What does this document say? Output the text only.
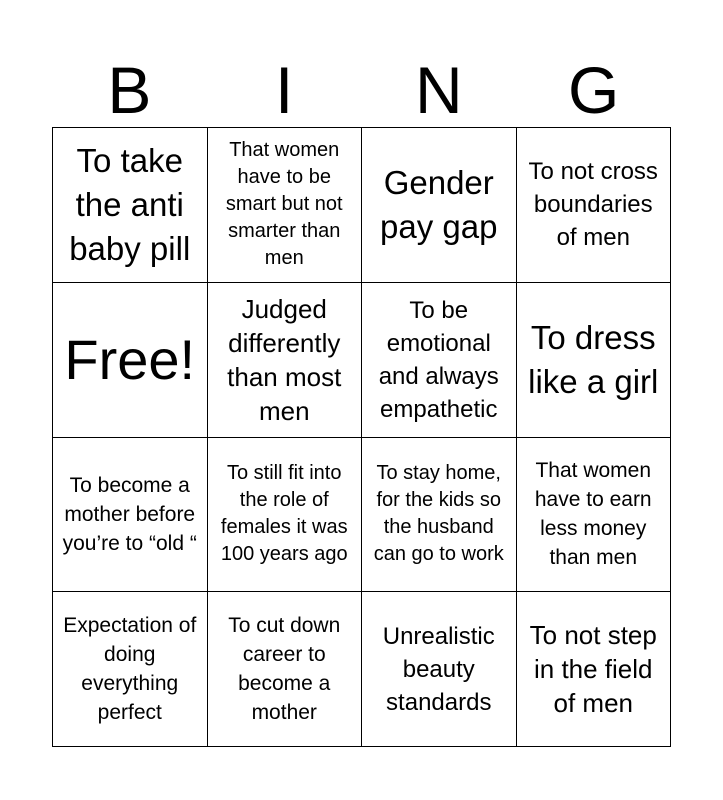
B	I	N	G
To take the anti baby pill
That women have to be smart but not smarter than men
Gender pay gap
To not cross boundaries of men
Free!
Judged differently than most men
To be emotional and always empathetic
To dress like a girl
To become a mother before you’re to “old “
To still fit into the role of females it was 100 years ago
To stay home, for the kids so the husband can go to work
That women have to earn less money than men
Expectation of doing everything perfect
To cut down career to become a mother
Unrealistic beauty standards
To not step in the field of men
